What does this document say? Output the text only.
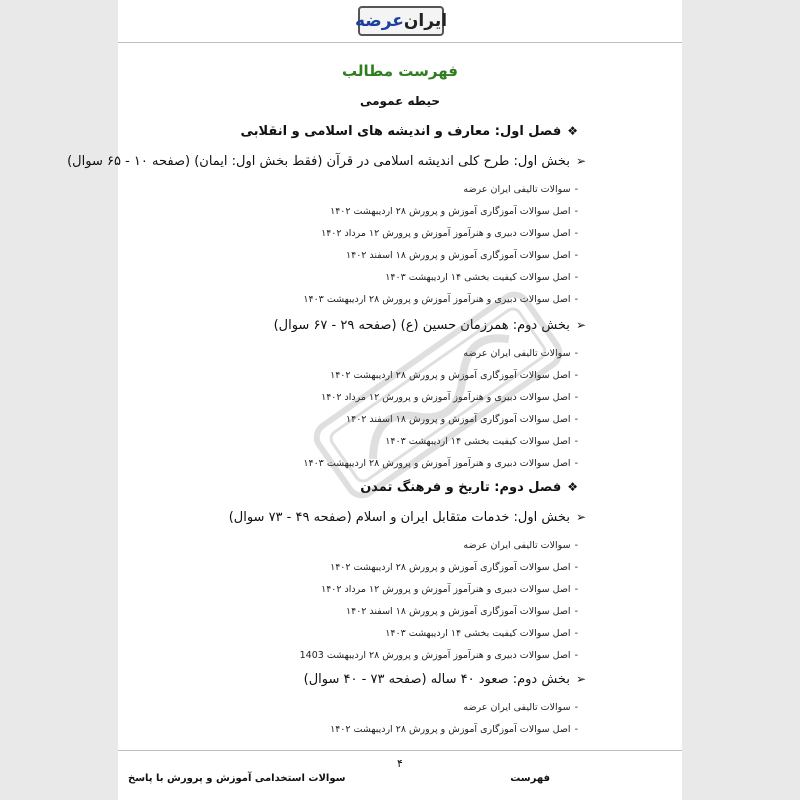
ایران
عرضه
فهرست مطالب
حیطه عمومی
❖فصل اول: معارف و اندیشه های اسلامی و انقلابی
➢بخش اول: طرح کلی اندیشه اسلامی در قرآن (فقط بخش اول: ایمان) (صفحه ۱۰ - ۶۵ سوال)
-سوالات تالیفی ایران عرضه
-اصل سوالات آموزگاری آموزش و پرورش ۲۸ اردیبهشت ۱۴۰۲
-اصل سوالات دبیری و هنرآموز آموزش و پرورش ۱۲ مرداد ۱۴۰۲
-اصل سوالات آموزگاری آموزش و پرورش ۱۸ اسفند ۱۴۰۲
-اصل سوالات کیفیت بخشی ۱۴ اردیبهشت ۱۴۰۳
-اصل سوالات دبیری و هنرآموز آموزش و پرورش ۲۸ اردیبهشت ۱۴۰۳
➢بخش دوم: همرزمان حسین (ع) (صفحه ۲۹ - ۶۷ سوال)
-سوالات تالیفی ایران عرضه
-اصل سوالات آموزگاری آموزش و پرورش ۲۸ اردیبهشت ۱۴۰۲
-اصل سوالات دبیری و هنرآموز آموزش و پرورش ۱۲ مرداد ۱۴۰۲
-اصل سوالات آموزگاری آموزش و پرورش ۱۸ اسفند ۱۴۰۲
-اصل سوالات کیفیت بخشی ۱۴ اردیبهشت ۱۴۰۳
-اصل سوالات دبیری و هنرآموز آموزش و پرورش ۲۸ اردیبهشت ۱۴۰۳
❖فصل دوم: تاریخ و فرهنگ تمدن
➢بخش اول: خدمات متقابل ایران و اسلام (صفحه ۴۹ - ۷۳ سوال)
-سوالات تالیفی ایران عرضه
-اصل سوالات آموزگاری آموزش و پرورش ۲۸ اردیبهشت ۱۴۰۲
-اصل سوالات دبیری و هنرآموز آموزش و پرورش ۱۲ مرداد ۱۴۰۲
-اصل سوالات آموزگاری آموزش و پرورش ۱۸ اسفند ۱۴۰۲
-اصل سوالات کیفیت بخشی ۱۴ اردیبهشت ۱۴۰۳
-اصل سوالات دبیری و هنرآموز آموزش و پرورش ۲۸ اردیبهشت 1403
➢بخش دوم: صعود ۴۰ ساله (صفحه ۷۳ - ۴۰ سوال)
-سوالات تالیفی ایران عرضه
-اصل سوالات آموزگاری آموزش و پرورش ۲۸ اردیبهشت ۱۴۰۲
۴
فهرست
سوالات استخدامی آموزش و پرورش با پاسخ
